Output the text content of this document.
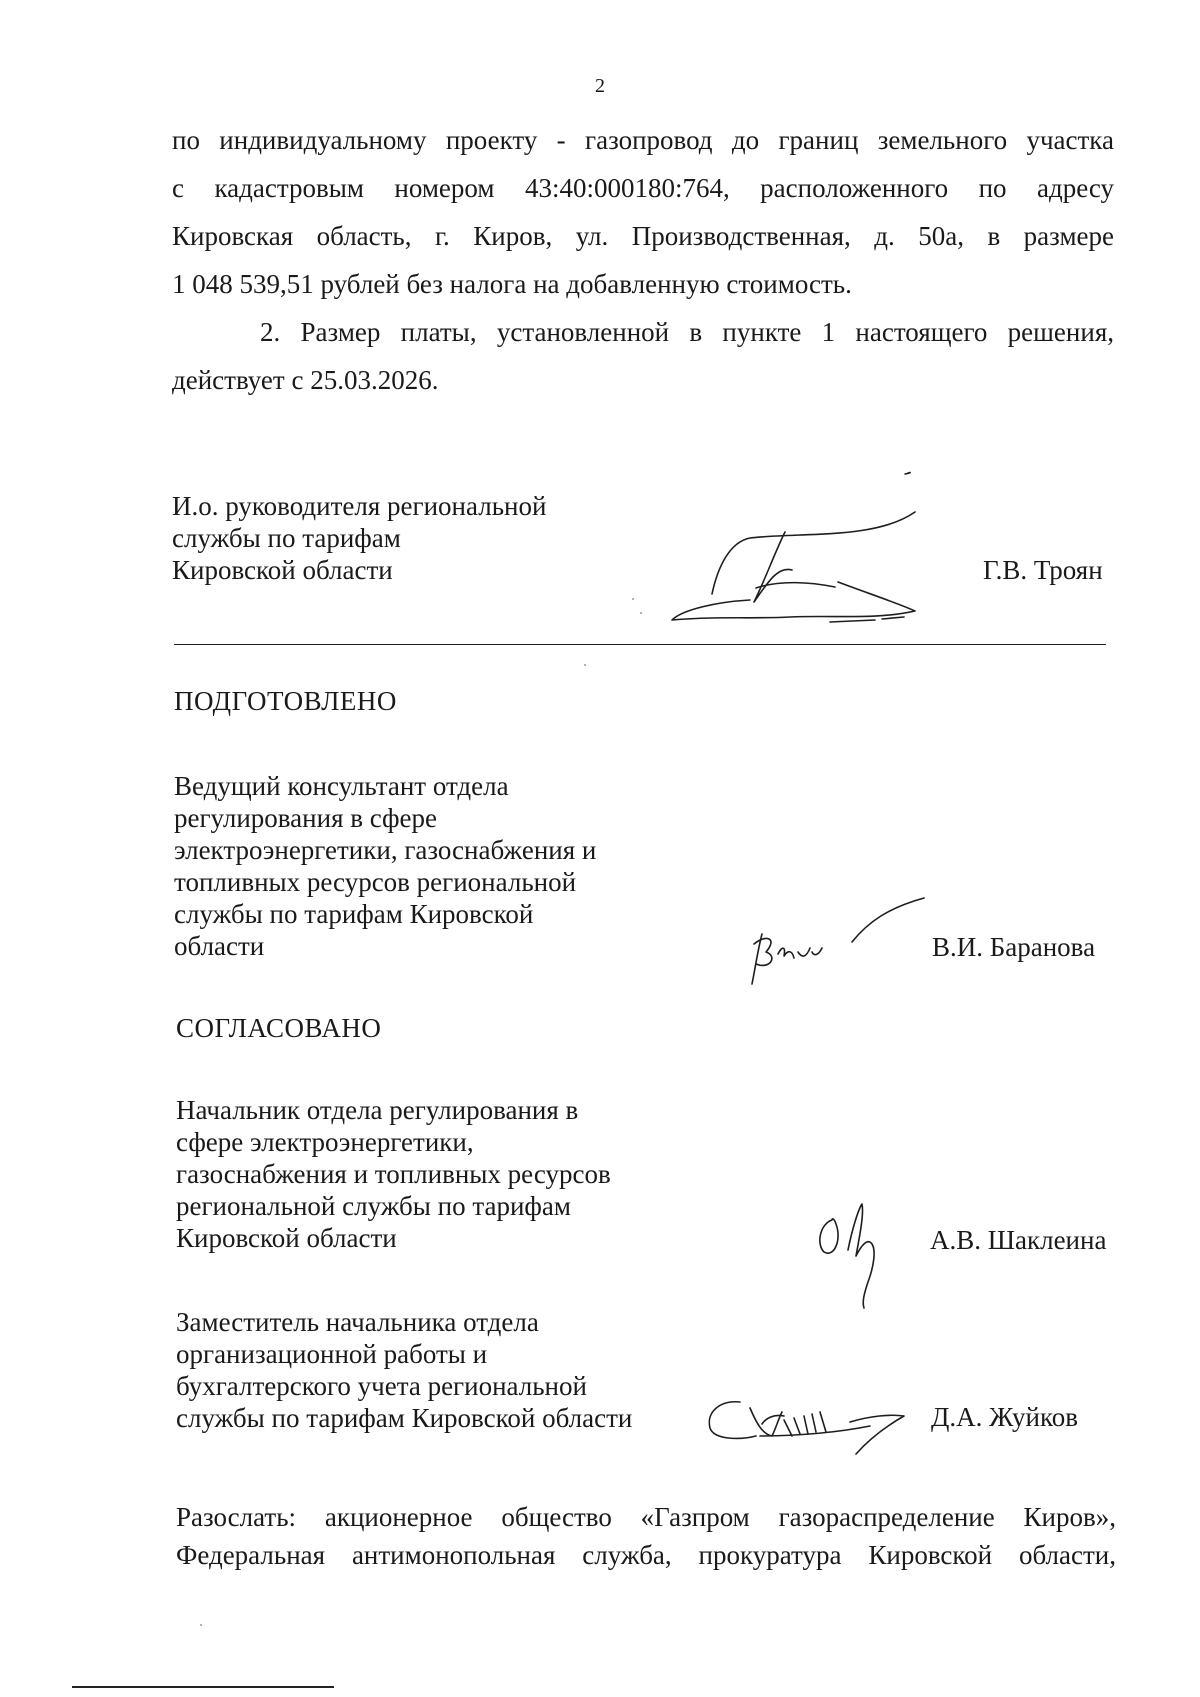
2
по индивидуальному проекту - газопровод до границ земельного участка
с кадастровым номером 43:40:000180:764, расположенного по адресу
Кировская область, г. Киров, ул. Производственная, д. 50а, в размере
1 048 539,51 рублей без налога на добавленную стоимость.
2. Размер платы, установленной в пункте 1 настоящего решения,
действует с 25.03.2026.
И.о. руководителя региональной
службы по тарифам
Кировской области	Г.В. Троян
ПОДГОТОВЛЕНО
Ведущий консультант отдела
регулирования в сфере
электроэнергетики, газоснабжения и
топливных ресурсов региональной
службы по тарифам Кировской
области	В.И. Баранова
СОГЛАСОВАНО
Начальник отдела регулирования в
сфере электроэнергетики,
газоснабжения и топливных ресурсов
региональной службы по тарифам
Кировской области	А.В. Шаклеина
Заместитель начальника отдела
организационной работы и
бухгалтерского учета региональной
службы по тарифам Кировской области	Д.А. Жуйков
Разослать: акционерное общество «Газпром газораспределение Киров»,
Федеральная антимонопольная служба, прокуратура Кировской области,
